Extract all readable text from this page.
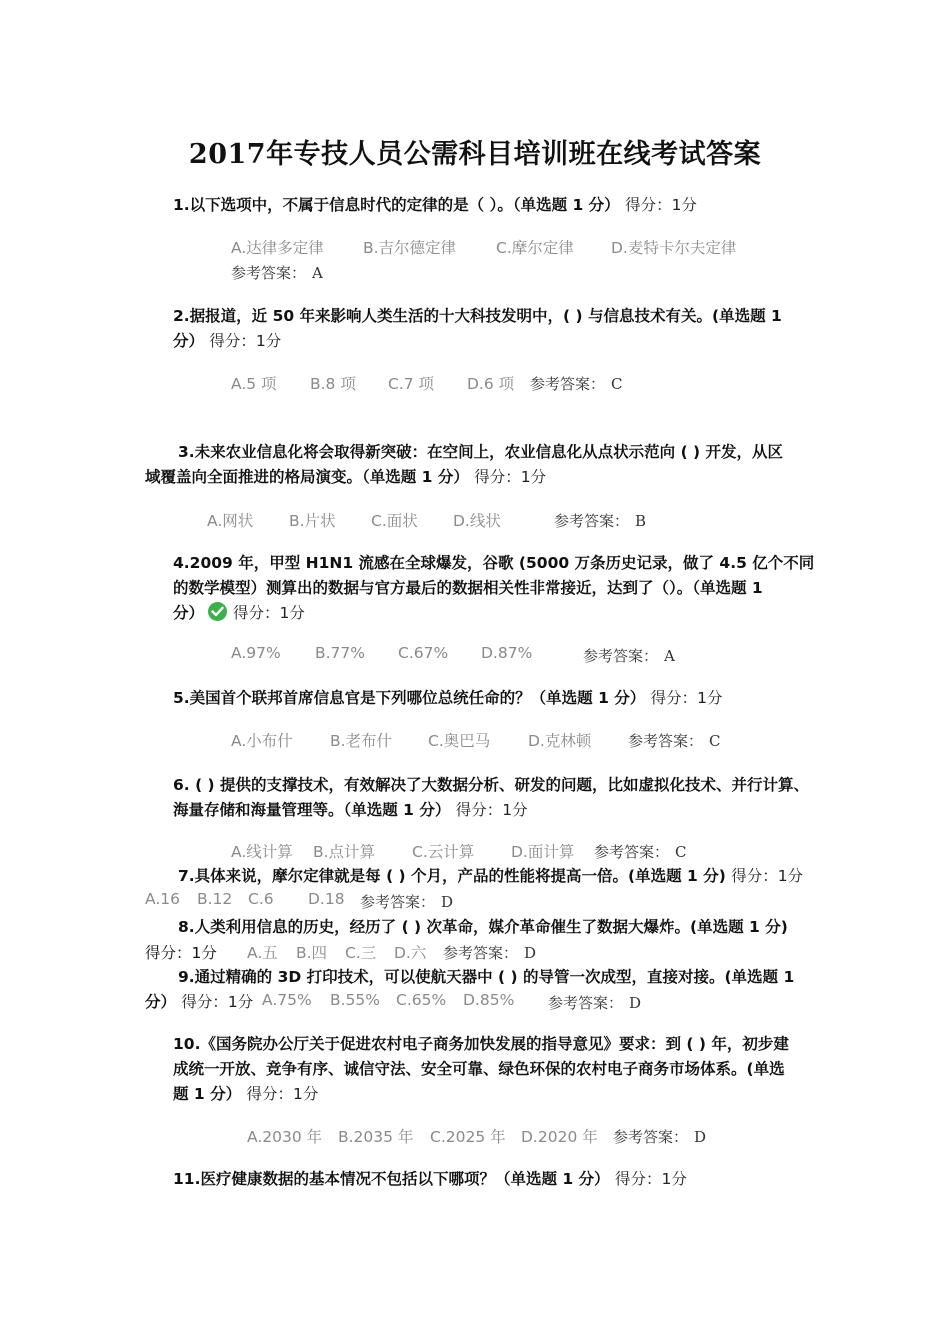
2017年专技人员公需科目培训班在线考试答案
1.以下选项中，不属于信息时代的定律的是（ ）。（单选题 1 分） 得分：1分
A.达律多定律	B.吉尔德定律	C.摩尔定律 D.麦特卡尔夫定律
参考答案： A
2.据报道，近 50 年来影响人类生活的十大科技发明中，( ) 与信息技术有关。(单选题 1
分） 得分：1分
A.5 项 B.8 项 C.7 项 D.6 项 参考答案： C
3.未来农业信息化将会取得新突破：在空间上，农业信息化从点状示范向 ( ) 开发，从区
域覆盖向全面推进的格局演变。（单选题 1 分） 得分：1分
A.网状 B.片状 C.面状 D.线状	参考答案： B
4.2009 年，甲型 H1N1 流感在全球爆发，谷歌 (5000 万条历史记录，做了 4.5 亿个不同
的数学模型）测算出的数据与官方最后的数据相关性非常接近，达到了（）。（单选题 1
分） 得分：1分
A.97% B.77% C.67% D.87%	参考答案： A
5.美国首个联邦首席信息官是下列哪位总统任命的？（单选题 1 分） 得分：1分
A.小布什 B.老布什 C.奥巴马 D.克林顿 参考答案： C
6. ( ) 提供的支撑技术，有效解决了大数据分析、研发的问题，比如虚拟化技术、并行计算、
海量存储和海量管理等。（单选题 1 分） 得分：1分
A.线计算 B.点计算 C.云计算 D.面计算 参考答案： C
7.具体来说，摩尔定律就是每 ( ) 个月，产品的性能将提高一倍。(单选题 1 分) 得分：1分
A.16 B.12 C.6 D.18 参考答案： D
8.人类利用信息的历史，经历了 ( ) 次革命，媒介革命催生了数据大爆炸。(单选题 1 分)
得分：1分 A.五 B.四 C.三 D.六 参考答案： D
9.通过精确的 3D 打印技术，可以使航天器中 ( ) 的导管一次成型，直接对接。(单选题 1
分） 得分：1分 A.75% B.55% C.65% D.85% 参考答案： D
10.《国务院办公厅关于促进农村电子商务加快发展的指导意见》要求：到 ( ) 年，初步建
成统一开放、竞争有序、诚信守法、安全可靠、绿色环保的农村电子商务市场体系。(单选
题 1 分） 得分：1分
A.2030 年 B.2035 年 C.2025 年 D.2020 年 参考答案： D
11.医疗健康数据的基本情况不包括以下哪项？（单选题 1 分） 得分：1分
